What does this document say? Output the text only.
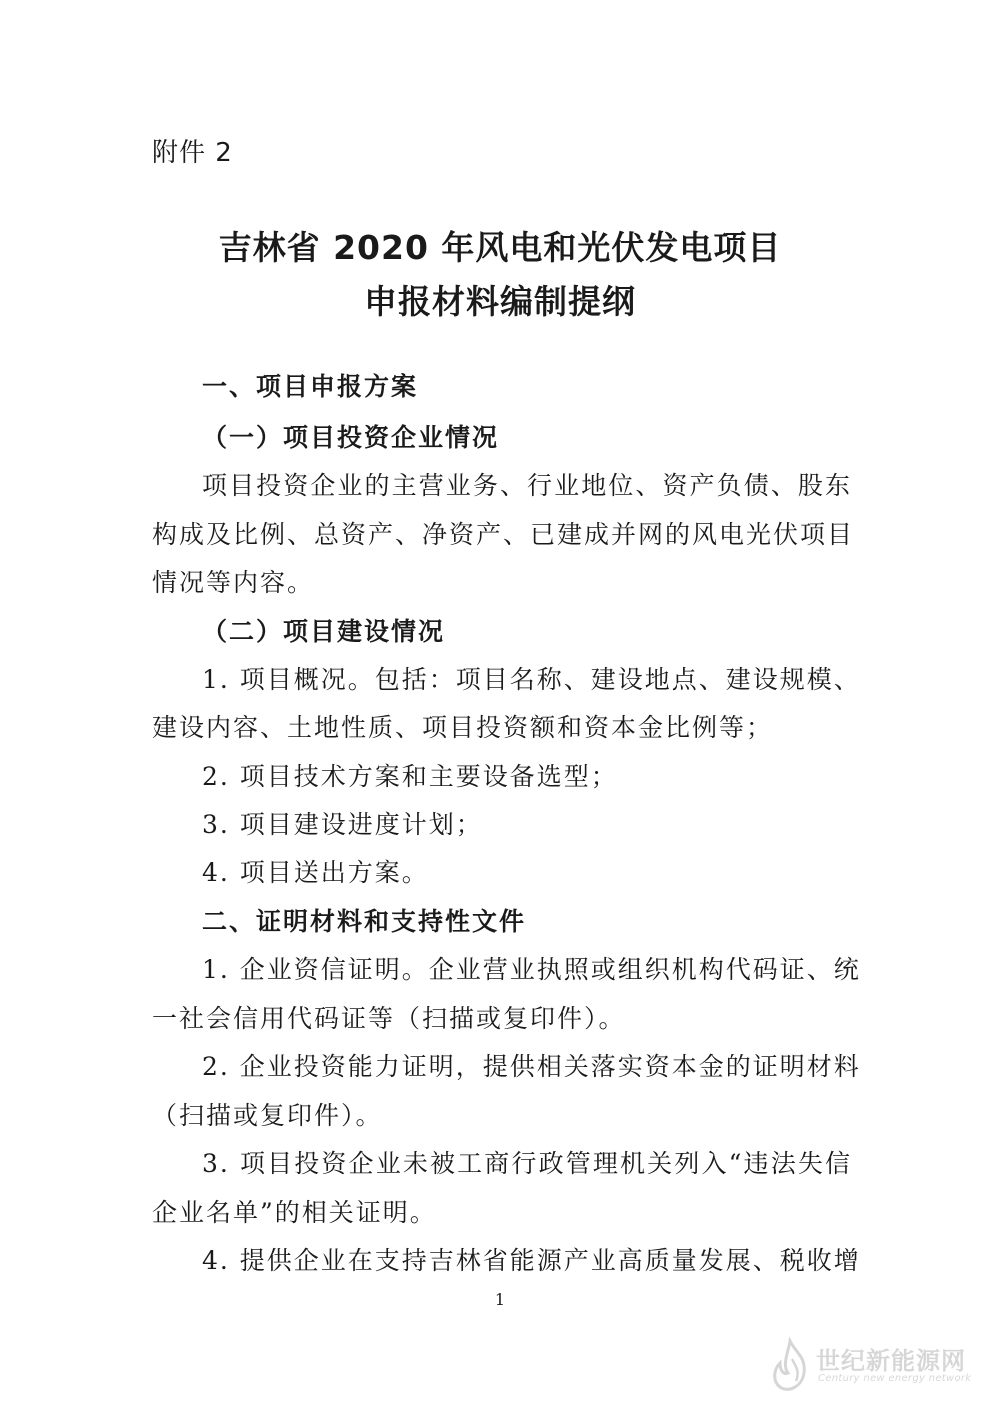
附件 2
吉林省 2020 年风电和光伏发电项目
申报材料编制提纲
一、项目申报方案
（一）项目投资企业情况
项目投资企业的主营业务、行业地位、资产负债、股东
构成及比例、总资产、净资产、已建成并网的风电光伏项目
情况等内容。
（二）项目建设情况
1. 项目概况。包括：项目名称、建设地点、建设规模、
建设内容、土地性质、项目投资额和资本金比例等；
2. 项目技术方案和主要设备选型；
3. 项目建设进度计划；
4. 项目送出方案。
二、证明材料和支持性文件
1. 企业资信证明。企业营业执照或组织机构代码证、统
一社会信用代码证等（扫描或复印件）。
2. 企业投资能力证明，提供相关落实资本金的证明材料
（扫描或复印件）。
3. 项目投资企业未被工商行政管理机关列入“违法失信
企业名单”的相关证明。
4. 提供企业在支持吉林省能源产业高质量发展、税收增
1
世纪新能源网
Century new energy network
